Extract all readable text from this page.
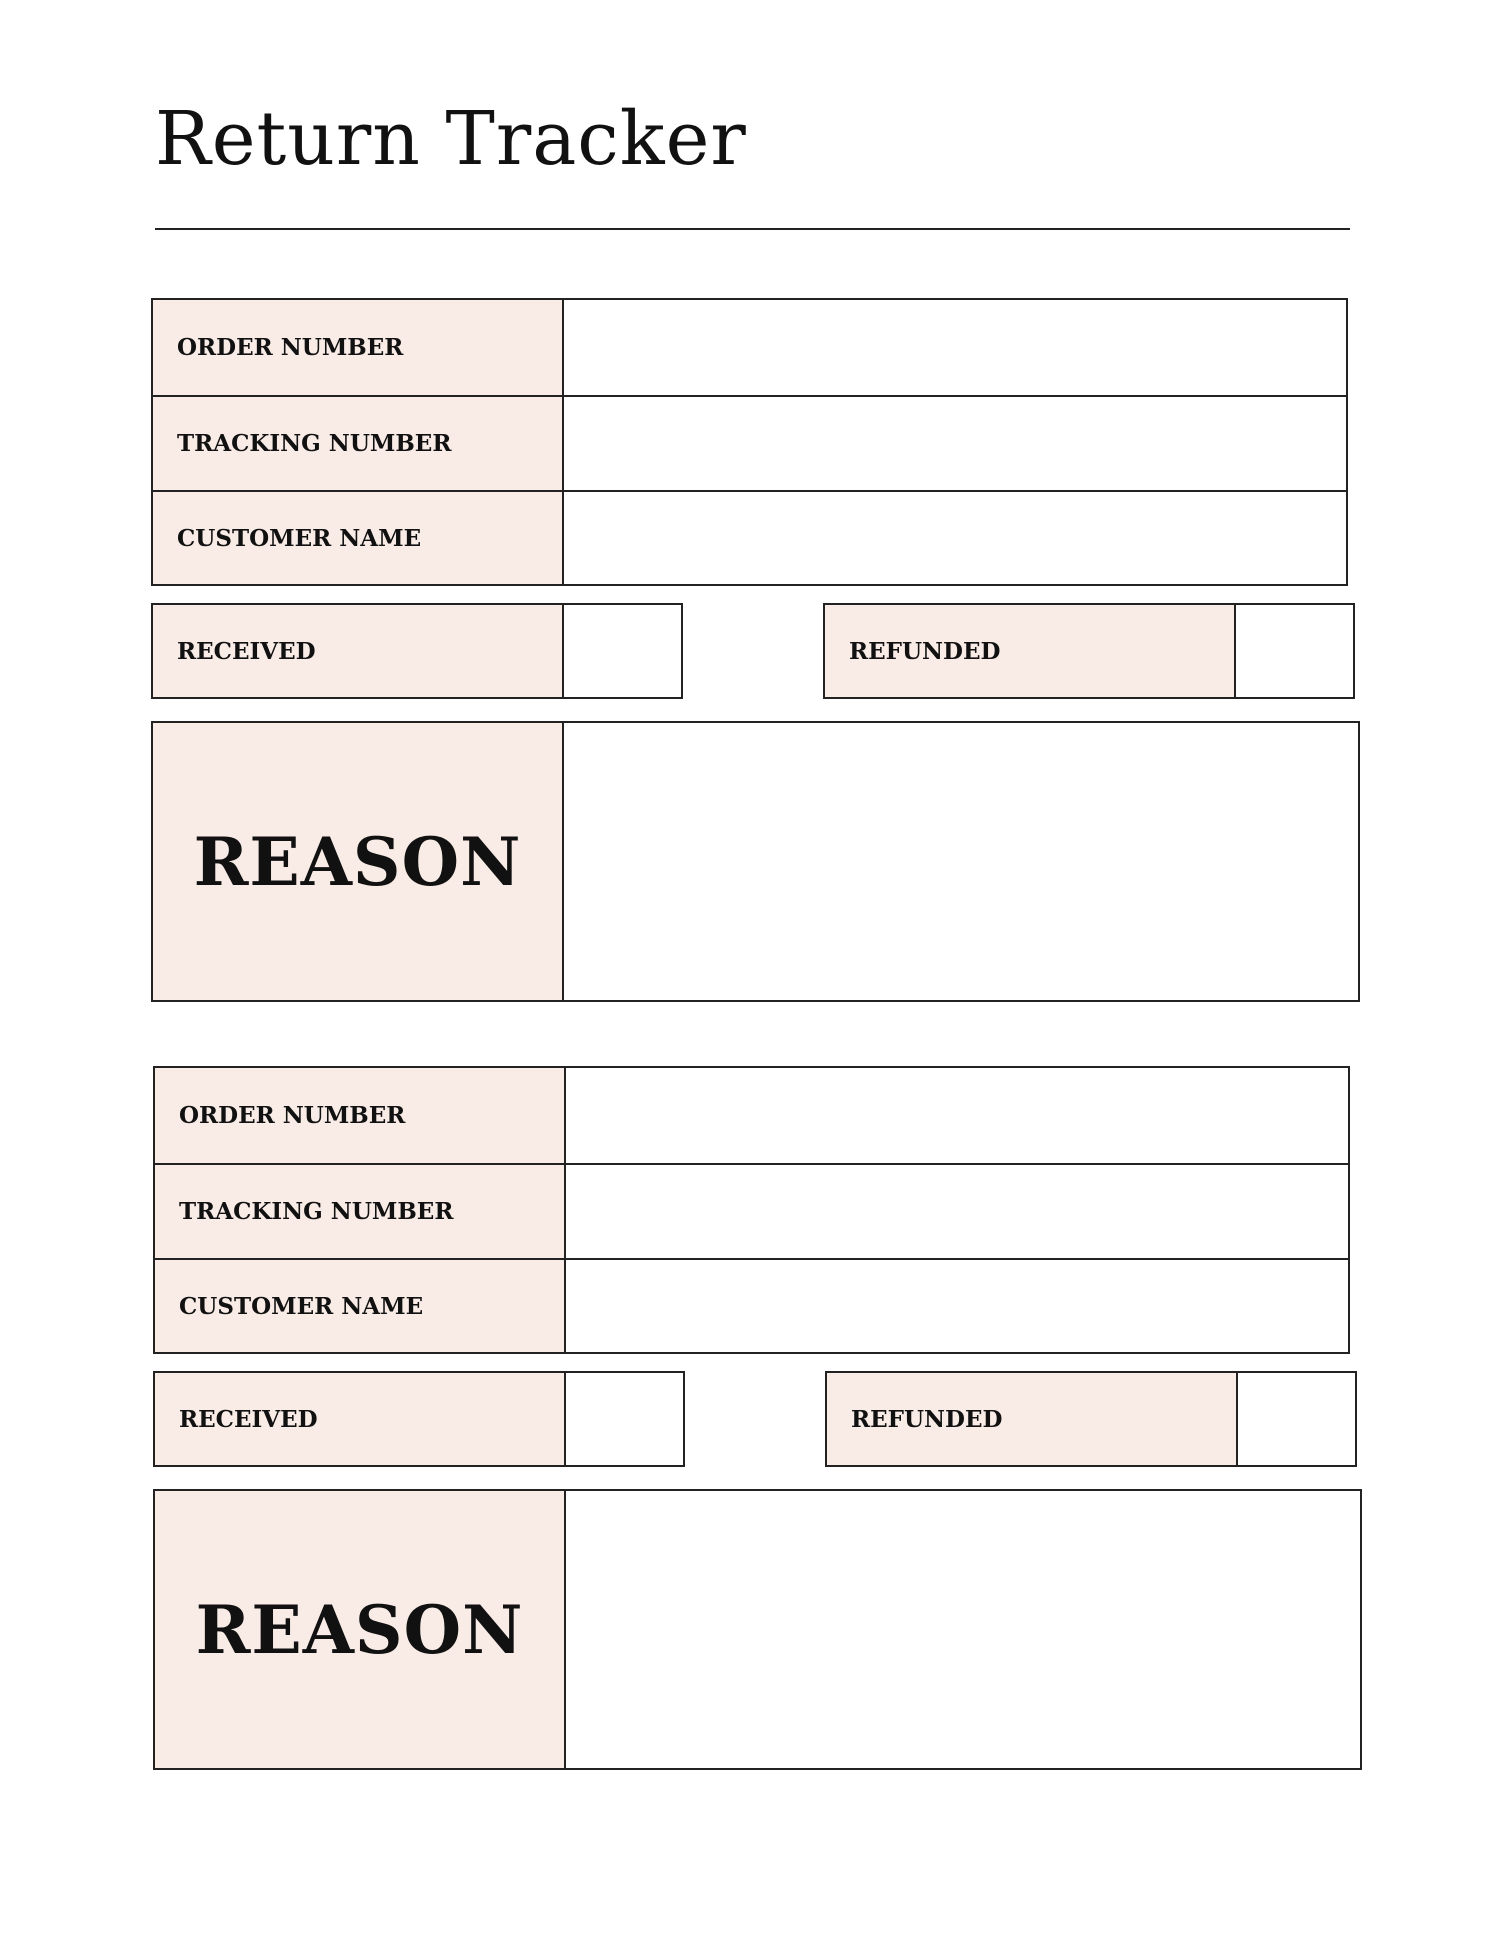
Return Tracker
ORDER NUMBER
TRACKING NUMBER
CUSTOMER NAME
RECEIVED	REFUNDED
REASON
ORDER NUMBER
TRACKING NUMBER
CUSTOMER NAME
RECEIVED	REFUNDED
REASON
